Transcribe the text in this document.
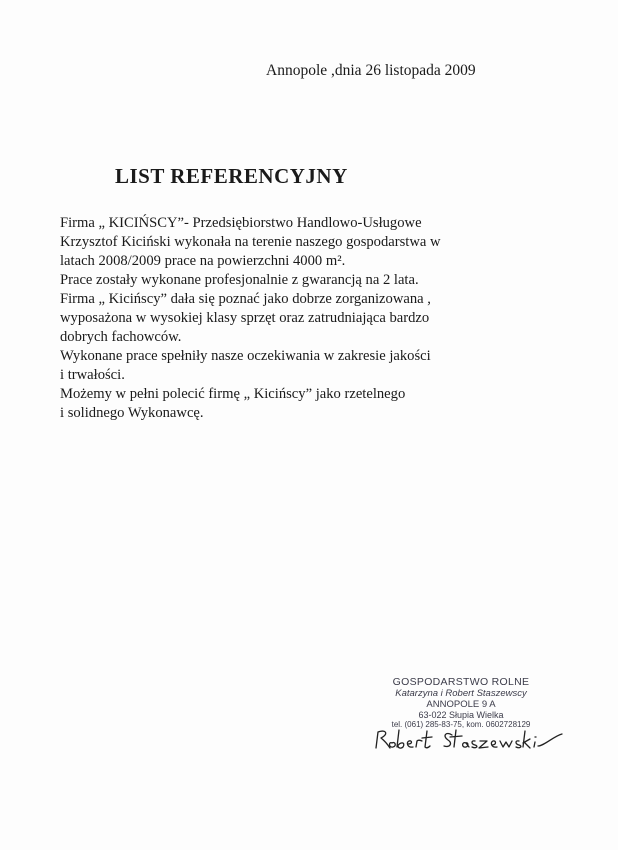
Annopole ,dnia 26 listopada 2009
LIST REFERENCYJNY
Firma „ KICIŃSCY”- Przedsiębiorstwo Handlowo-Usługowe
Krzysztof Kiciński wykonała na terenie naszego gospodarstwa w
latach 2008/2009 prace na powierzchni 4000 m².
Prace zostały wykonane profesjonalnie z gwarancją na 2 lata.
Firma „ Kicińscy” dała się poznać jako dobrze zorganizowana ,
wyposażona w wysokiej klasy sprzęt oraz zatrudniająca bardzo
dobrych fachowców.
Wykonane prace spełniły nasze oczekiwania w zakresie jakości
i trwałości.
Możemy w pełni polecić firmę „ Kicińscy” jako rzetelnego
i solidnego Wykonawcę.
GOSPODARSTWO ROLNE
Katarzyna i Robert Staszewscy
ANNOPOLE 9 A
63-022 Słupia Wielka
tel. (061) 285-83-75, kom. 0602728129
